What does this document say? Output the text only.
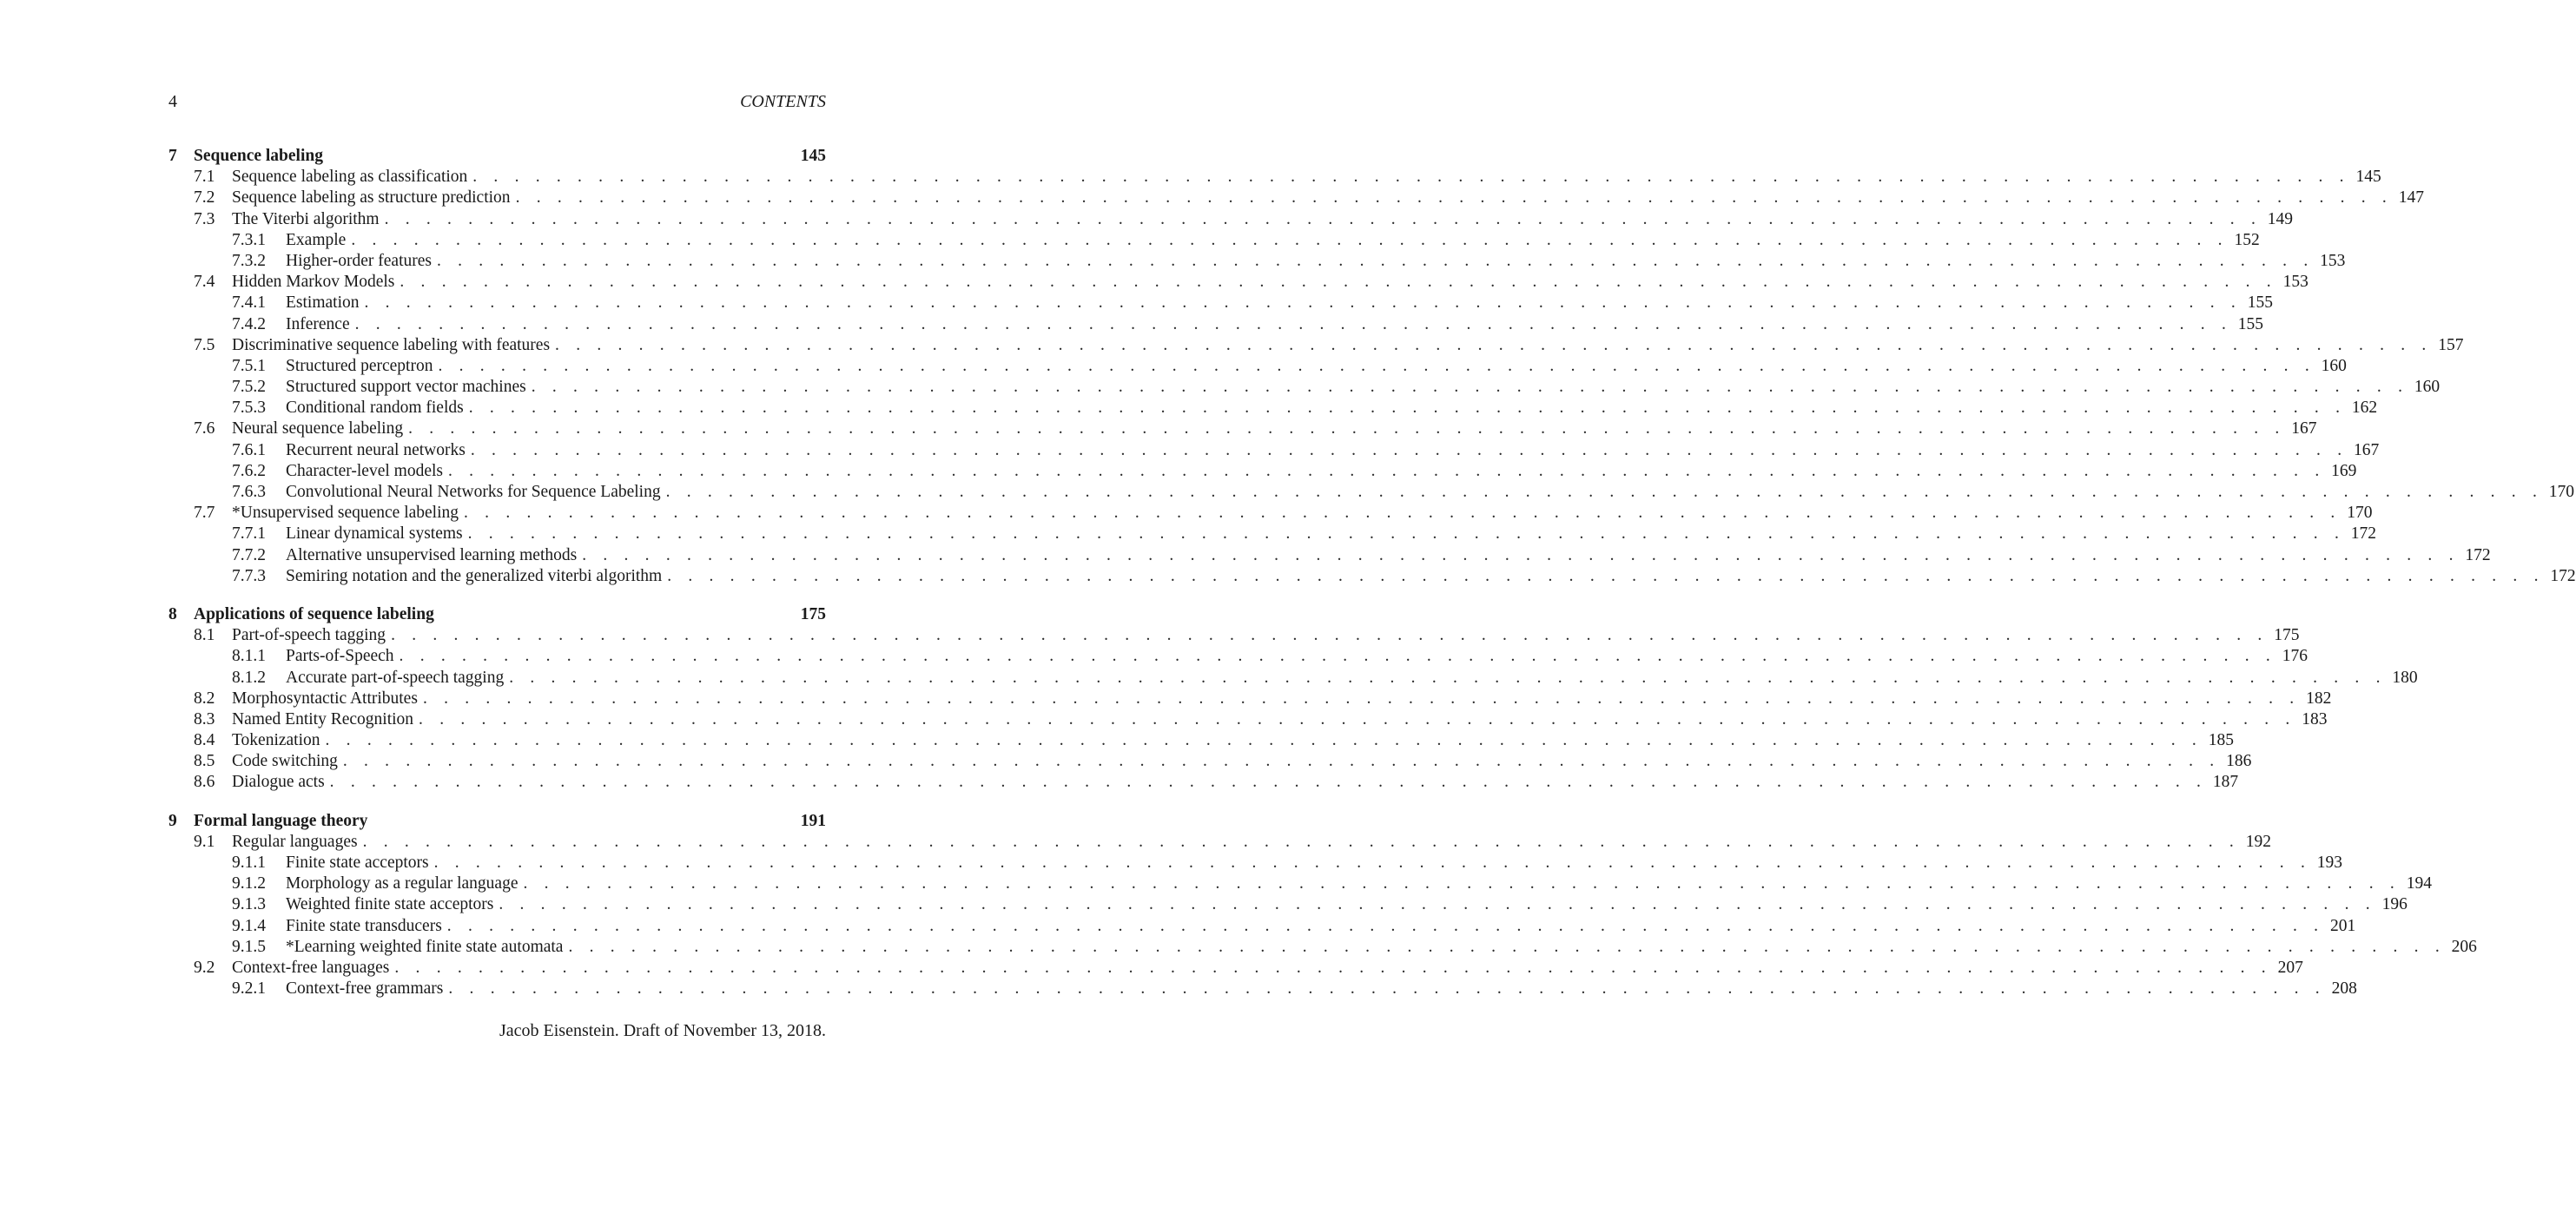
4	CONTENTS
7 Sequence labeling	145
7.1	Sequence labeling as classification . . . . . . . . . . . . . . . . . . . . . . . . . . . . . . . . . . . . . . . . . . . . . . . . . . . . . . . . . . . . . . . . . . . . . . . . . . . . . . . . . . . . . . . . . . 145
7.2	Sequence labeling as structure prediction . . . . . . . . . . . . . . . . . . . . . . . . . . . . . . . . . . . . . . . . . . . . . . . . . . . . . . . . . . . . . . . . . . . . . . . . . . . . . . . . . . . . . . . . . . 147
7.3	The Viterbi algorithm . . . . . . . . . . . . . . . . . . . . . . . . . . . . . . . . . . . . . . . . . . . . . . . . . . . . . . . . . . . . . . . . . . . . . . . . . . . . . . . . . . . . . . . . . . 149
7.3.1	Example . . . . . . . . . . . . . . . . . . . . . . . . . . . . . . . . . . . . . . . . . . . . . . . . . . . . . . . . . . . . . . . . . . . . . . . . . . . . . . . . . . . . . . . . . . 152
7.3.2	Higher-order features . . . . . . . . . . . . . . . . . . . . . . . . . . . . . . . . . . . . . . . . . . . . . . . . . . . . . . . . . . . . . . . . . . . . . . . . . . . . . . . . . . . . . . . . . . 153
7.4	Hidden Markov Models . . . . . . . . . . . . . . . . . . . . . . . . . . . . . . . . . . . . . . . . . . . . . . . . . . . . . . . . . . . . . . . . . . . . . . . . . . . . . . . . . . . . . . . . . . 153
7.4.1	Estimation . . . . . . . . . . . . . . . . . . . . . . . . . . . . . . . . . . . . . . . . . . . . . . . . . . . . . . . . . . . . . . . . . . . . . . . . . . . . . . . . . . . . . . . . . . 155
7.4.2	Inference . . . . . . . . . . . . . . . . . . . . . . . . . . . . . . . . . . . . . . . . . . . . . . . . . . . . . . . . . . . . . . . . . . . . . . . . . . . . . . . . . . . . . . . . . . 155
7.5	Discriminative sequence labeling with features . . . . . . . . . . . . . . . . . . . . . . . . . . . . . . . . . . . . . . . . . . . . . . . . . . . . . . . . . . . . . . . . . . . . . . . . . . . . . . . . . . . . . . . . . . 157
7.5.1	Structured perceptron . . . . . . . . . . . . . . . . . . . . . . . . . . . . . . . . . . . . . . . . . . . . . . . . . . . . . . . . . . . . . . . . . . . . . . . . . . . . . . . . . . . . . . . . . . 160
7.5.2	Structured support vector machines . . . . . . . . . . . . . . . . . . . . . . . . . . . . . . . . . . . . . . . . . . . . . . . . . . . . . . . . . . . . . . . . . . . . . . . . . . . . . . . . . . . . . . . . . . 160
7.5.3	Conditional random fields . . . . . . . . . . . . . . . . . . . . . . . . . . . . . . . . . . . . . . . . . . . . . . . . . . . . . . . . . . . . . . . . . . . . . . . . . . . . . . . . . . . . . . . . . . 162
7.6	Neural sequence labeling . . . . . . . . . . . . . . . . . . . . . . . . . . . . . . . . . . . . . . . . . . . . . . . . . . . . . . . . . . . . . . . . . . . . . . . . . . . . . . . . . . . . . . . . . . 167
7.6.1	Recurrent neural networks . . . . . . . . . . . . . . . . . . . . . . . . . . . . . . . . . . . . . . . . . . . . . . . . . . . . . . . . . . . . . . . . . . . . . . . . . . . . . . . . . . . . . . . . . . 167
7.6.2	Character-level models . . . . . . . . . . . . . . . . . . . . . . . . . . . . . . . . . . . . . . . . . . . . . . . . . . . . . . . . . . . . . . . . . . . . . . . . . . . . . . . . . . . . . . . . . . 169
7.6.3	Convolutional Neural Networks for Sequence Labeling . . . . . . . . . . . . . . . . . . . . . . . . . . . . . . . . . . . . . . . . . . . . . . . . . . . . . . . . . . . . . . . . . . . . . . . . . . . . . . . . . . . . . . . . . . 170
7.7	*Unsupervised sequence labeling . . . . . . . . . . . . . . . . . . . . . . . . . . . . . . . . . . . . . . . . . . . . . . . . . . . . . . . . . . . . . . . . . . . . . . . . . . . . . . . . . . . . . . . . . . 170
7.7.1	Linear dynamical systems . . . . . . . . . . . . . . . . . . . . . . . . . . . . . . . . . . . . . . . . . . . . . . . . . . . . . . . . . . . . . . . . . . . . . . . . . . . . . . . . . . . . . . . . . . 172
7.7.2	Alternative unsupervised learning methods . . . . . . . . . . . . . . . . . . . . . . . . . . . . . . . . . . . . . . . . . . . . . . . . . . . . . . . . . . . . . . . . . . . . . . . . . . . . . . . . . . . . . . . . . . 172
7.7.3	Semiring notation and the generalized viterbi algorithm . . . . . . . . . . . . . . . . . . . . . . . . . . . . . . . . . . . . . . . . . . . . . . . . . . . . . . . . . . . . . . . . . . . . . . . . . . . . . . . . . . . . . . . . . . 172
8 Applications of sequence labeling	175
8.1	Part-of-speech tagging . . . . . . . . . . . . . . . . . . . . . . . . . . . . . . . . . . . . . . . . . . . . . . . . . . . . . . . . . . . . . . . . . . . . . . . . . . . . . . . . . . . . . . . . . . 175
8.1.1	Parts-of-Speech . . . . . . . . . . . . . . . . . . . . . . . . . . . . . . . . . . . . . . . . . . . . . . . . . . . . . . . . . . . . . . . . . . . . . . . . . . . . . . . . . . . . . . . . . . 176
8.1.2	Accurate part-of-speech tagging . . . . . . . . . . . . . . . . . . . . . . . . . . . . . . . . . . . . . . . . . . . . . . . . . . . . . . . . . . . . . . . . . . . . . . . . . . . . . . . . . . . . . . . . . . 180
8.2	Morphosyntactic Attributes . . . . . . . . . . . . . . . . . . . . . . . . . . . . . . . . . . . . . . . . . . . . . . . . . . . . . . . . . . . . . . . . . . . . . . . . . . . . . . . . . . . . . . . . . . 182
8.3	Named Entity Recognition . . . . . . . . . . . . . . . . . . . . . . . . . . . . . . . . . . . . . . . . . . . . . . . . . . . . . . . . . . . . . . . . . . . . . . . . . . . . . . . . . . . . . . . . . . 183
8.4	Tokenization . . . . . . . . . . . . . . . . . . . . . . . . . . . . . . . . . . . . . . . . . . . . . . . . . . . . . . . . . . . . . . . . . . . . . . . . . . . . . . . . . . . . . . . . . . 185
8.5	Code switching . . . . . . . . . . . . . . . . . . . . . . . . . . . . . . . . . . . . . . . . . . . . . . . . . . . . . . . . . . . . . . . . . . . . . . . . . . . . . . . . . . . . . . . . . . 186
8.6	Dialogue acts . . . . . . . . . . . . . . . . . . . . . . . . . . . . . . . . . . . . . . . . . . . . . . . . . . . . . . . . . . . . . . . . . . . . . . . . . . . . . . . . . . . . . . . . . . 187
9 Formal language theory	191
9.1	Regular languages . . . . . . . . . . . . . . . . . . . . . . . . . . . . . . . . . . . . . . . . . . . . . . . . . . . . . . . . . . . . . . . . . . . . . . . . . . . . . . . . . . . . . . . . . . 192
9.1.1	Finite state acceptors . . . . . . . . . . . . . . . . . . . . . . . . . . . . . . . . . . . . . . . . . . . . . . . . . . . . . . . . . . . . . . . . . . . . . . . . . . . . . . . . . . . . . . . . . . 193
9.1.2	Morphology as a regular language . . . . . . . . . . . . . . . . . . . . . . . . . . . . . . . . . . . . . . . . . . . . . . . . . . . . . . . . . . . . . . . . . . . . . . . . . . . . . . . . . . . . . . . . . . 194
9.1.3	Weighted finite state acceptors . . . . . . . . . . . . . . . . . . . . . . . . . . . . . . . . . . . . . . . . . . . . . . . . . . . . . . . . . . . . . . . . . . . . . . . . . . . . . . . . . . . . . . . . . . 196
9.1.4	Finite state transducers . . . . . . . . . . . . . . . . . . . . . . . . . . . . . . . . . . . . . . . . . . . . . . . . . . . . . . . . . . . . . . . . . . . . . . . . . . . . . . . . . . . . . . . . . . 201
9.1.5	*Learning weighted finite state automata . . . . . . . . . . . . . . . . . . . . . . . . . . . . . . . . . . . . . . . . . . . . . . . . . . . . . . . . . . . . . . . . . . . . . . . . . . . . . . . . . . . . . . . . . . 206
9.2	Context-free languages . . . . . . . . . . . . . . . . . . . . . . . . . . . . . . . . . . . . . . . . . . . . . . . . . . . . . . . . . . . . . . . . . . . . . . . . . . . . . . . . . . . . . . . . . . 207
9.2.1	Context-free grammars . . . . . . . . . . . . . . . . . . . . . . . . . . . . . . . . . . . . . . . . . . . . . . . . . . . . . . . . . . . . . . . . . . . . . . . . . . . . . . . . . . . . . . . . . . 208
Jacob Eisenstein. Draft of November 13, 2018.
